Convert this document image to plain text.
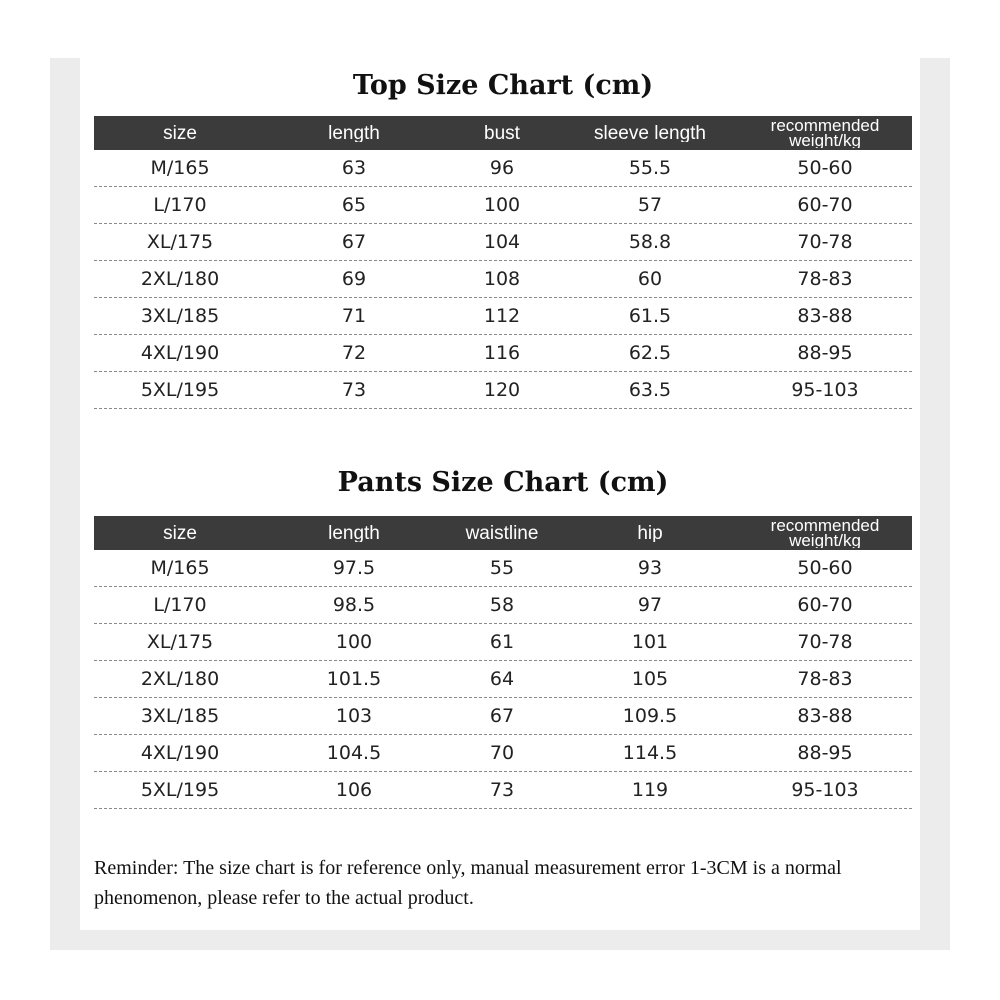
Top Size Chart (cm)
size	length	bust	sleeve length	recommended weight/kg
M/165	63	96	55.5	50-60
L/170	65	100	57	60-70
XL/175	67	104	58.8	70-78
2XL/180	69	108	60	78-83
3XL/185	71	112	61.5	83-88
4XL/190	72	116	62.5	88-95
5XL/195	73	120	63.5	95-103
Pants Size Chart (cm)
size	length	waistline	hip	recommended weight/kg
M/165	97.5	55	93	50-60
L/170	98.5	58	97	60-70
XL/175	100	61	101	70-78
2XL/180	101.5	64	105	78-83
3XL/185	103	67	109.5	83-88
4XL/190	104.5	70	114.5	88-95
5XL/195	106	73	119	95-103
Reminder: The size chart is for reference only, manual measurement error 1-3CM is a normal phenomenon, please refer to the actual product.
